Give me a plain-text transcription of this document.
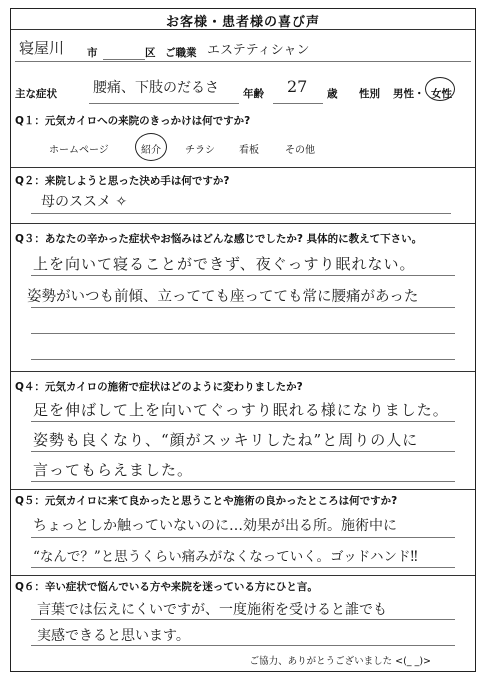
お客様・患者様の喜び声
寝屋川 市	区 ご職業 エステティシャン
主な症状	腰痛、下肢のだるさ 年齢 27 歳 性別 男性・ 女性
Q１：元気カイロへの来院のきっかけは何ですか?
ホームページ	紹介 チラシ 看板	その他
Q２：来院しようと思った決め手は何ですか?
母のススメ ✧
Q３：あなたの辛かった症状やお悩みはどんな感じでしたか? 具体的に教えて下さい。
上を向いて寝ることができず、夜ぐっすり眠れない。
姿勢がいつも前傾、立ってても座ってても常に腰痛があった
Q４：元気カイロの施術で症状はどのように変わりましたか?
足を伸ばして上を向いてぐっすり眠れる様になりました。
姿勢も良くなり、“顔がスッキリしたね”と周りの人に
言ってもらえました。
Q５：元気カイロに来て良かったと思うことや施術の良かったところは何ですか?
ちょっとしか触っていないのに…効果が出る所。施術中に
“なんで？”と思うくらい痛みがなくなっていく。ゴッドハンド‼
Q６：辛い症状で悩んでいる方や来院を迷っている方にひと言。
言葉では伝えにくいですが、一度施術を受けると誰でも
実感できると思います。
ご協力、ありがとうございました <(_ _)>
